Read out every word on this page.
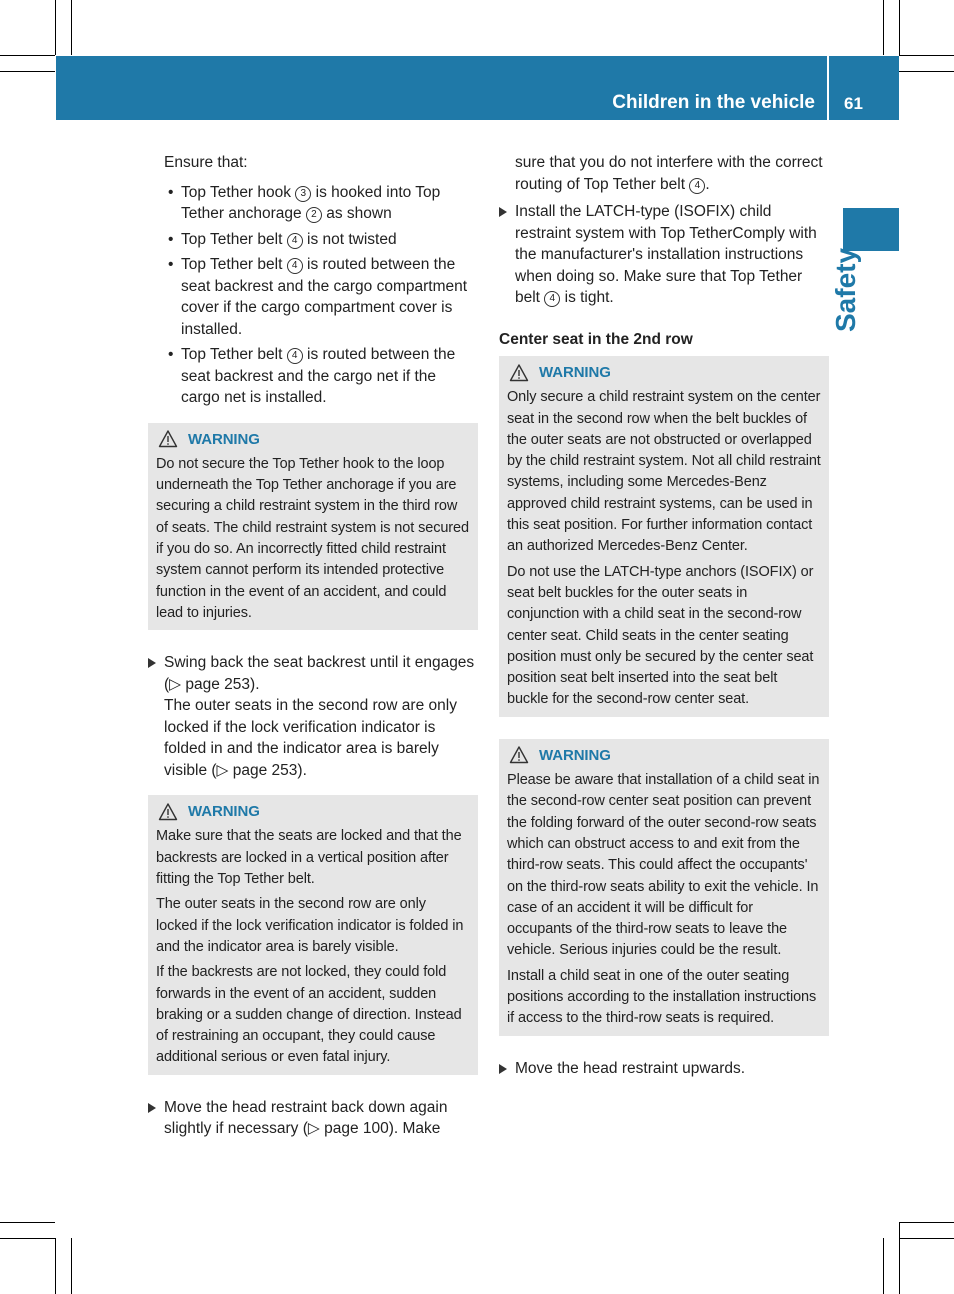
Children in the vehicle 61
Safety

Ensure that:

• Top Tether hook 3 is hooked into Top Tether anchorage 2 as shown
• Top Tether belt 4 is not twisted
• Top Tether belt 4 is routed between the seat backrest and the cargo compartment cover if the cargo compartment cover is installed.
• Top Tether belt 4 is routed between the seat backrest and the cargo net if the cargo net is installed.
WARNING

Do not secure the Top Tether hook to the loop underneath the Top Tether anchorage if you are securing a child restraint system in the third row of seats. The child restraint system is not secured if you do so. An incorrectly fitted child restraint system cannot perform its intended protective function in the event of an accident, and could lead to injuries.

Swing back the seat backrest until it engages (▷ page 253).

The outer seats in the second row are only locked if the lock verification indicator is folded in and the indicator area is barely visible (▷ page 253).

WARNING

Make sure that the seats are locked and that the backrests are locked in a vertical position after fitting the Top Tether belt.

The outer seats in the second row are only locked if the lock verification indicator is folded in and the indicator area is barely visible.

If the backrests are not locked, they could fold forwards in the event of an accident, sudden braking or a sudden change of direction. Instead of restraining an occupant, they could cause additional serious or even fatal injury.

Move the head restraint back down again slightly if necessary (▷ page 100). Make

sure that you do not interfere with the correct routing of Top Tether belt 4 .

Install the LATCH-type (ISOFIX) child restraint system with Top TetherComply with the manufacturer's installation instructions when doing so. Make sure that Top Tether belt 4 is tight.

Center seat in the 2nd row

WARNING

Only secure a child restraint system on the center seat in the second row when the belt buckles of the outer seats are not obstructed or overlapped by the child restraint system. Not all child restraint systems, including some Mercedes-Benz approved child restraint systems, can be used in this seat position. For further information contact an authorized Mercedes-Benz Center.

Do not use the LATCH-type anchors (ISOFIX) or seat belt buckles for the outer seats in conjunction with a child seat in the second-row center seat. Child seats in the center seating position must only be secured by the center seat position seat belt inserted into the seat belt buckle for the second-row center seat.

WARNING

Please be aware that installation of a child seat in the second-row center seat position can prevent the folding forward of the outer second-row seats which can obstruct access to and exit from the third-row seats. This could affect the occupants' on the third-row seats ability to exit the vehicle. In case of an accident it will be difficult for occupants of the third-row seats to leave the vehicle. Serious injuries could be the result.

Install a child seat in one of the outer seating positions according to the installation instructions if access to the third-row seats is required.

Move the head restraint upwards.
